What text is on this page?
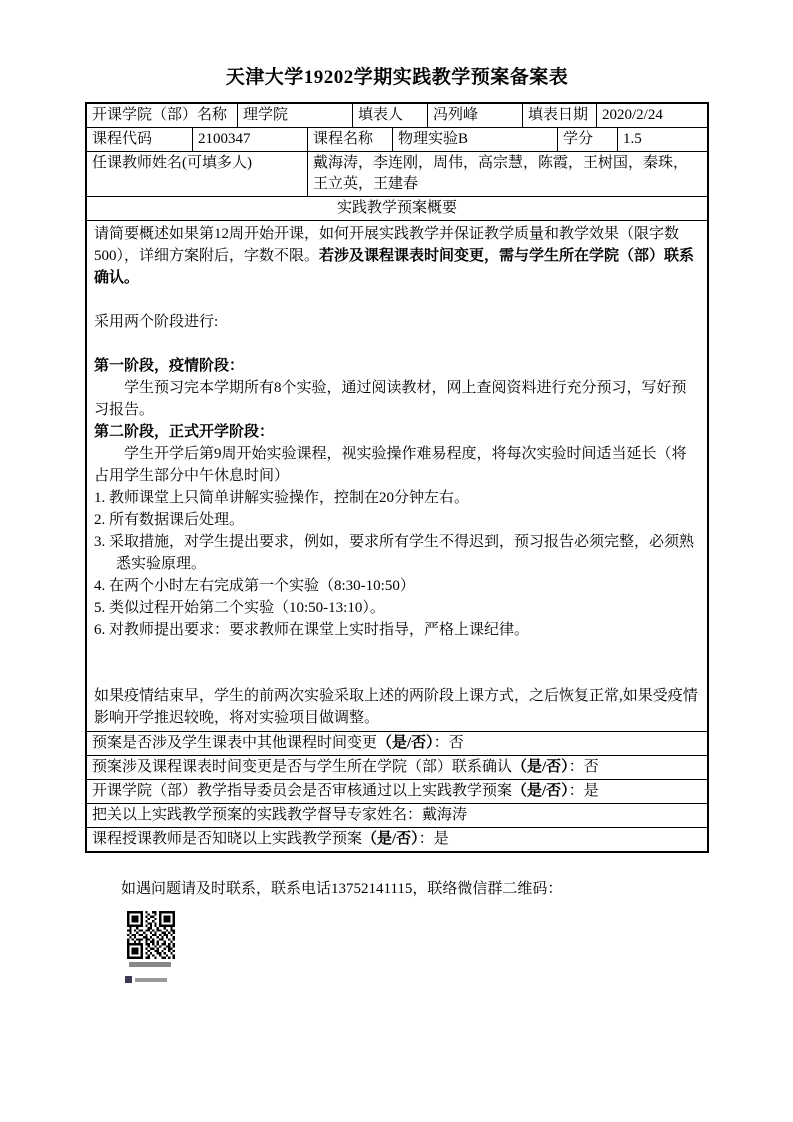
天津大学19202学期实践教学预案备案表
开课学院（部）名称	理学院	填表人	冯列峰	填表日期 2020/2/24
课程代码	2100347	课程名称	物理实验B	学分	1.5
任课教师姓名(可填多人)	戴海涛，李连刚，周伟，高宗慧，陈霞，王树国，秦珠，王立英，王建春
实践教学预案概要

请简要概述如果第12周开始开课，如何开展实践教学并保证教学质量和教学效果（限字数500），详细方案附后，字数不限。若涉及课程课表时间变更，需与学生所在学院（部）联系确认。

采用两个阶段进行:

第一阶段，疫情阶段：

　　学生预习完本学期所有8个实验，通过阅读教材，网上查阅资料进行充分预习，写好预习报告。

第二阶段，正式开学阶段：

　　学生开学后第9周开始实验课程，视实验操作难易程度，将每次实验时间适当延长（将占用学生部分中午休息时间）

1. 教师课堂上只简单讲解实验操作，控制在20分钟左右。

2. 所有数据课后处理。

3. 采取措施，对学生提出要求，例如，要求所有学生不得迟到，预习报告必须完整，必须熟悉实验原理。

4. 在两个小时左右完成第一个实验（8:30-10:50）

5. 类似过程开始第二个实验（10:50-13:10）。

6. 对教师提出要求：要求教师在课堂上实时指导，严格上课纪律。

如果疫情结束早，学生的前两次实验采取上述的两阶段上课方式，之后恢复正常,如果受疫情影响开学推迟较晚，将对实验项目做调整。

预案是否涉及学生课表中其他课程时间变更（是/否）：否
预案涉及课程课表时间变更是否与学生所在学院（部）联系确认（是/否）：否
开课学院（部）教学指导委员会是否审核通过以上实践教学预案（是/否）：是
把关以上实践教学预案的实践教学督导专家姓名：戴海涛
课程授课教师是否知晓以上实践教学预案（是/否）：是

如遇问题请及时联系，联系电话13752141115，联络微信群二维码：
